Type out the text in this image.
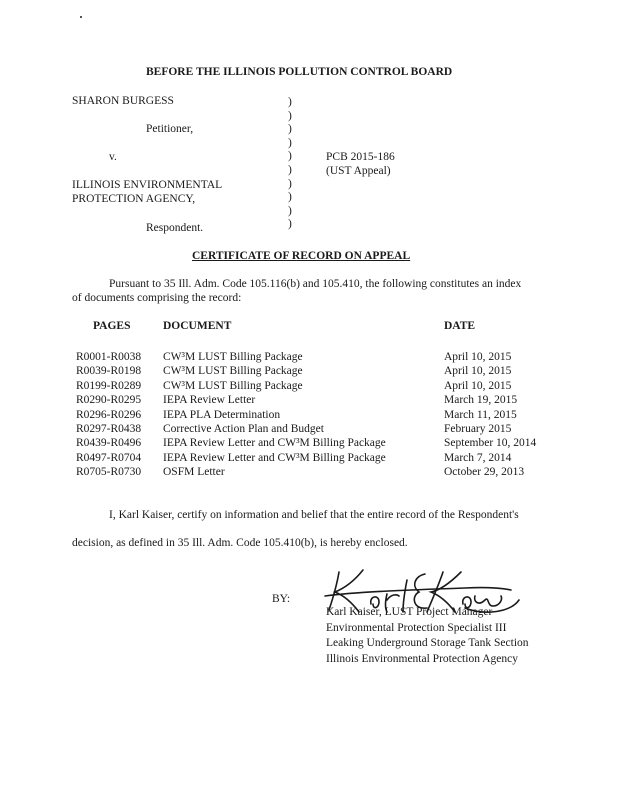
BEFORE THE ILLINOIS POLLUTION CONTROL BOARD
SHARON BURGESS
Petitioner,
v.
ILLINOIS ENVIRONMENTAL
PROTECTION AGENCY,
Respondent.
)
)
)
)
)
)
)
)
)
)
PCB 2015-186
(UST Appeal)
CERTIFICATE OF RECORD ON APPEAL
Pursuant to 35 Ill. Adm. Code 105.116(b) and 105.410, the following constitutes an index
of documents comprising the record:
PAGES	DOCUMENT	DATE
R0001-R0038	CW³M LUST Billing Package	April 10, 2015
R0039-R0198	CW³M LUST Billing Package	April 10, 2015
R0199-R0289	CW³M LUST Billing Package	April 10, 2015
R0290-R0295	IEPA Review Letter	March 19, 2015
R0296-R0296	IEPA PLA Determination	March 11, 2015
R0297-R0438	Corrective Action Plan and Budget	February 2015
R0439-R0496	IEPA Review Letter and CW³M Billing Package	September 10, 2014
R0497-R0704	IEPA Review Letter and CW³M Billing Package	March 7, 2014
R0705-R0730	OSFM Letter	October 29, 2013
I, Karl Kaiser, certify on information and belief that the entire record of the Respondent's
decision, as defined in 35 Ill. Adm. Code 105.410(b), is hereby enclosed.
BY:
Karl Kaiser, LUST Project Manager
Environmental Protection Specialist III
Leaking Underground Storage Tank Section
Illinois Environmental Protection Agency
